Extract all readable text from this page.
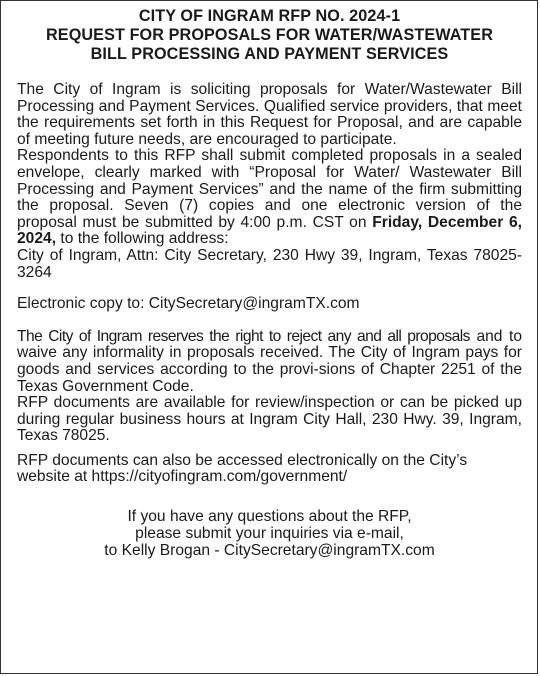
CITY OF INGRAM RFP NO. 2024-1
REQUEST FOR PROPOSALS FOR WATER/WASTEWATER
BILL PROCESSING AND PAYMENT SERVICES

The City of Ingram is soliciting proposals for Water/Wastewater Bill Processing and Payment Services. Qualified service providers, that meet the requirements set forth in this Request for Proposal, and are capable of meeting future needs, are encouraged to participate.

Respondents to this RFP shall submit completed proposals in a sealed envelope, clearly marked with “Proposal for Water/ Wastewater Bill Processing and Payment Services” and the name of the firm submitting the proposal. Seven (7) copies and one electronic version of the proposal must be submitted by 4:00 p.m. CST on Friday, December 6, 2024, to the following address:

City of Ingram, Attn: City Secretary, 230 Hwy 39, Ingram, Texas 78025-3264

Electronic copy to: CitySecretary@ingramTX.com

The City of Ingram reserves the right to reject any and all proposals and to waive any informality in proposals received. The City of Ingram pays for goods and services according to the provi-sions of Chapter 2251 of the Texas Government Code.

RFP documents are available for review/inspection or can be picked up during regular business hours at Ingram City Hall, 230 Hwy. 39, Ingram, Texas 78025.

RFP documents can also be accessed electronically on the City’s website at https://cityofingram.com/government/

If you have any questions about the RFP,
please submit your inquiries via e-mail,
to Kelly Brogan - CitySecretary@ingramTX.com
